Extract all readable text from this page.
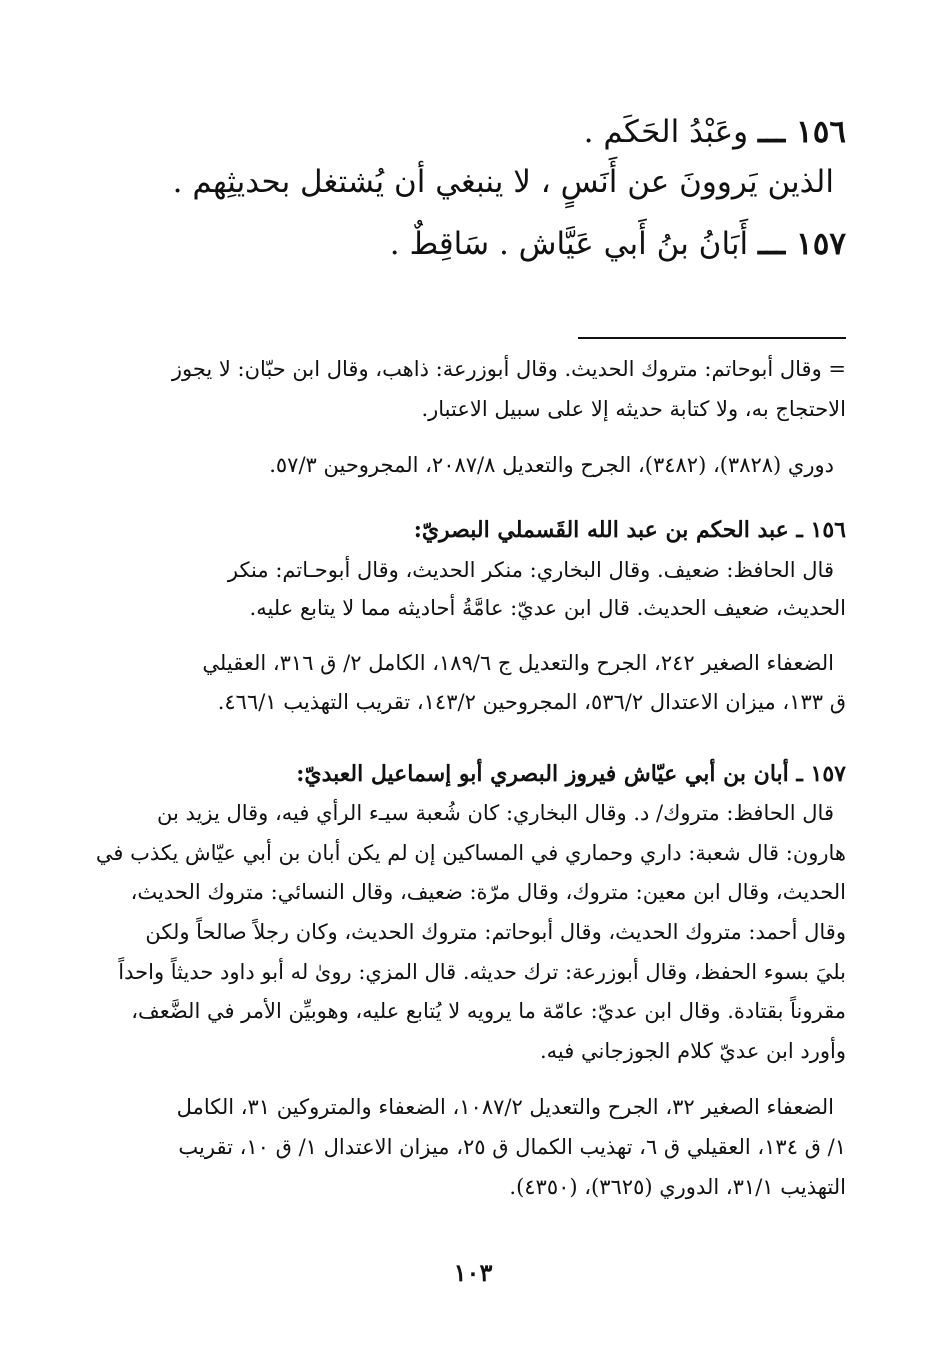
١٥٦ ـــ وعَبْدُ الحَكَم .
الذين يَروونَ عن أَنَسٍ ، لا ينبغي أن يُشتغل بحديثِهم .
١٥٧ ـــ أَبَانُ بنُ أَبي عَيَّاش . سَاقِطٌ .
= وقال أبوحاتم: متروك الحديث. وقال أبوزرعة: ذاهب، وقال ابن حبّان: لا يجوز
الاحتجاج به، ولا كتابة حديثه إلا على سبيل الاعتبار.
دوري (٣٨٢٨)، (٣٤٨٢)، الجرح والتعديل ٢٠٨٧/٨، المجروحين ٥٧/٣.
١٥٦ ـ عبد الحكم بن عبد الله القَسملي البصريّ:
قال الحافظ: ضعيف. وقال البخاري: منكر الحديث، وقال أبوحـاتم: منكر
الحديث، ضعيف الحديث. قال ابن عديّ: عامَّةُ أحاديثه مما لا يتابع عليه.
الضعفاء الصغير ٢٤٢، الجرح والتعديل ج ١٨٩/٦، الكامل ٢/ ق ٣١٦، العقيلي
ق ١٣٣، ميزان الاعتدال ٥٣٦/٢، المجروحين ١٤٣/٢، تقريب التهذيب ٤٦٦/١.
١٥٧ ـ أبان بن أبي عيّاش فيروز البصري أبو إسماعيل العبديّ:
قال الحافظ: متروك/ د. وقال البخاري: كان شُعبة سيـء الرأي فيه، وقال يزيد بن
هارون: قال شعبة: داري وحماري في المساكين إن لم يكن أبان بن أبي عيّاش يكذب في
الحديث، وقال ابن معين: متروك، وقال مرّة: ضعيف، وقال النسائي: متروك الحديث،
وقال أحمد: متروك الحديث، وقال أبوحاتم: متروك الحديث، وكان رجلاً صالحاً ولكن
بليَ بسوء الحفظ، وقال أبوزرعة: ترك حديثه. قال المزي: روىٰ له أبو داود حديثاً واحداً
مقروناً بقتادة. وقال ابن عديّ: عامّة ما يرويه لا يُتابع عليه، وهوبيِّن الأمر في الضَّعف،
وأورد ابن عديّ كلام الجوزجاني فيه.
الضعفاء الصغير ٣٢، الجرح والتعديل ١٠٨٧/٢، الضعفاء والمتروكين ٣١، الكامل
١/ ق ١٣٤، العقيلي ق ٦، تهذيب الكمال ق ٢٥، ميزان الاعتدال ١/ ق ١٠، تقريب
التهذيب ٣١/١، الدوري (٣٦٢٥)، (٤٣٥٠).
١٠٣
